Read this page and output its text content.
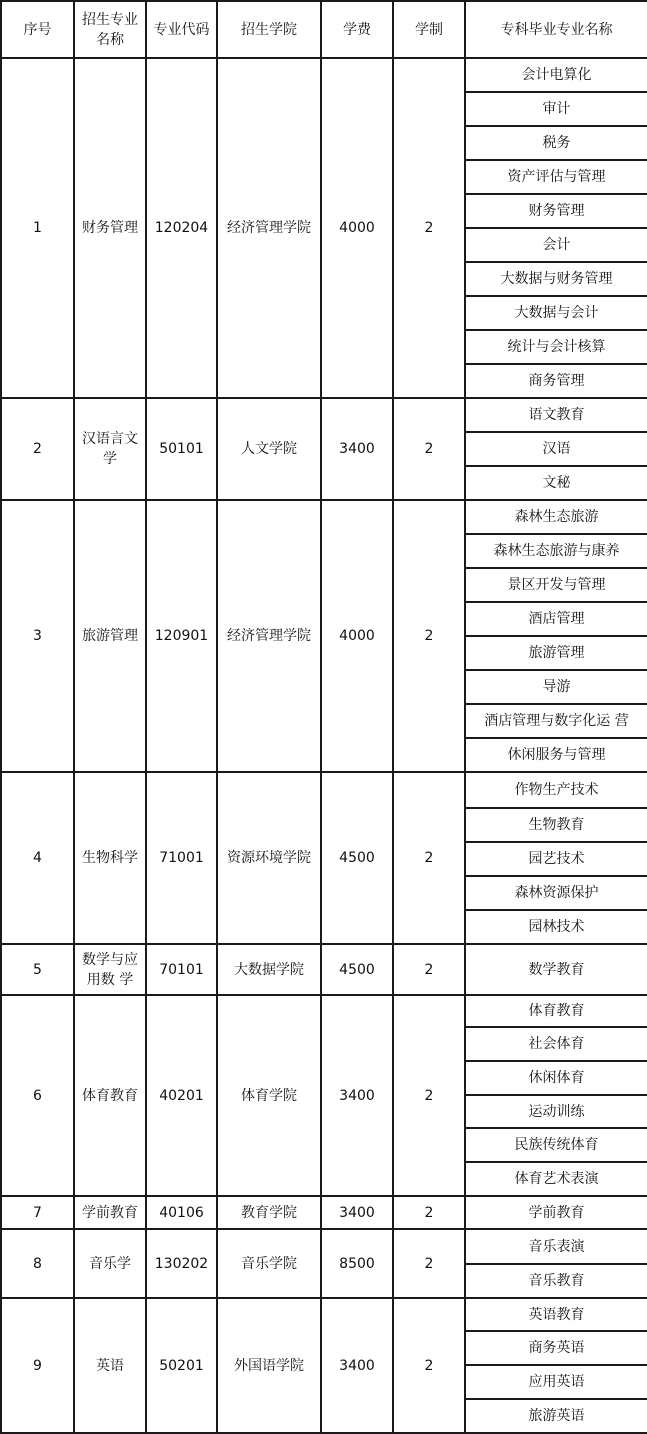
序号	招生专业名称	专业代码	招生学院	学费	学制	专科毕业专业名称
1	财务管理	120204	经济管理学院	4000	2	会计电算化
						审计
						税务
						资产评估与管理
						财务管理
						会计
						大数据与财务管理
						大数据与会计
						统计与会计核算
						商务管理
2	汉语言文学	50101	人文学院	3400	2	语文教育
						汉语
						文秘
3	旅游管理	120901	经济管理学院	4000	2	森林生态旅游
						森林生态旅游与康养
						景区开发与管理
						酒店管理
						旅游管理
						导游
						酒店管理与数字化运 营
						休闲服务与管理
4	生物科学	71001	资源环境学院	4500	2	作物生产技术
						生物教育
						园艺技术
						森林资源保护
						园林技术
5	数学与应用数 学	70101	大数据学院	4500	2	数学教育
6	体育教育	40201	体育学院	3400	2	体育教育
						社会体育
						休闲体育
						运动训练
						民族传统体育
						体育艺术表演
7	学前教育	40106	教育学院	3400	2	学前教育
8	音乐学	130202	音乐学院	8500	2	音乐表演
						音乐教育
9	英语	50201	外国语学院	3400	2	英语教育
						商务英语
						应用英语
						旅游英语
